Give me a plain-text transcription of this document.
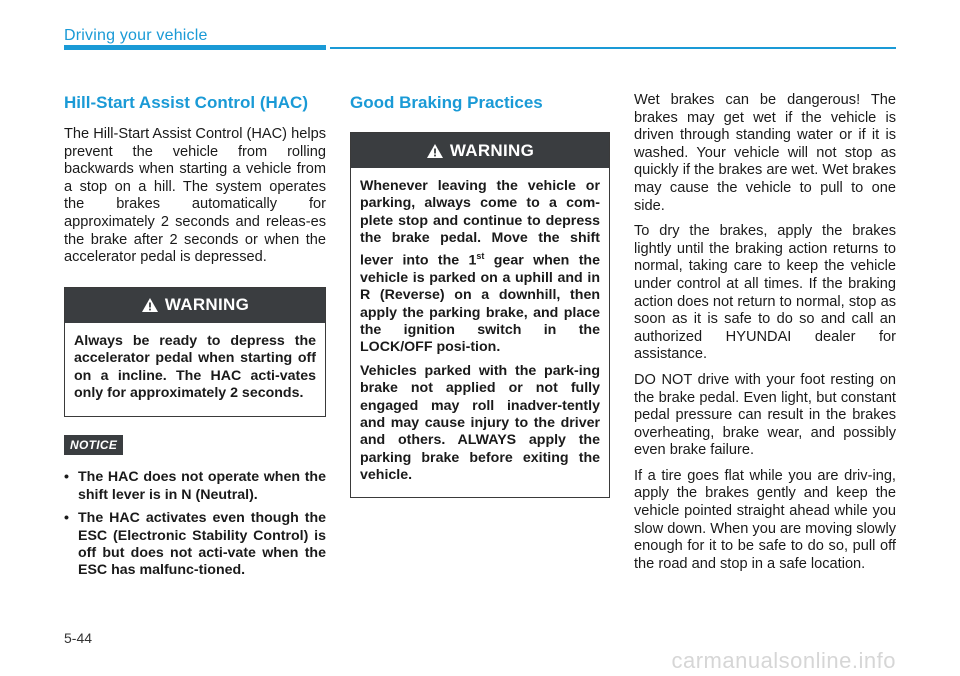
Driving your vehicle
Hill-Start Assist Control (HAC)

The Hill-Start Assist Control (HAC) helps prevent the vehicle from rolling backwards when starting a vehicle from a stop on a hill. The system operates the brakes automatically for approximately 2 seconds and releas-es the brake after 2 seconds or when the accelerator pedal is depressed.

WARNING

Always be ready to depress the accelerator pedal when starting off on a incline. The HAC acti-vates only for approximately 2 seconds.

NOTICE
• The HAC does not operate when the shift lever is in N (Neutral).
• The HAC activates even though the ESC (Electronic Stability Control) is off but does not acti-vate when the ESC has malfunc-tioned.
Good Braking Practices
WARNING

Whenever leaving the vehicle or parking, always come to a com-plete stop and continue to depress the brake pedal. Move the shift lever into the 1st gear when the vehicle is parked on a uphill and in R (Reverse) on a downhill, then apply the parking brake, and place the ignition switch in the LOCK/OFF posi-tion.

Vehicles parked with the park-ing brake not applied or not fully engaged may roll inadver-tently and may cause injury to the driver and others. ALWAYS apply the parking brake before exiting the vehicle.

Wet brakes can be dangerous! The brakes may get wet if the vehicle is driven through standing water or if it is washed. Your vehicle will not stop as quickly if the brakes are wet. Wet brakes may cause the vehicle to pull to one side.

To dry the brakes, apply the brakes lightly until the braking action returns to normal, taking care to keep the vehicle under control at all times. If the braking action does not return to normal, stop as soon as it is safe to do so and call an authorized HYUNDAI dealer for assistance.

DO NOT drive with your foot resting on the brake pedal. Even light, but constant pedal pressure can result in the brakes overheating, brake wear, and possibly even brake failure.

If a tire goes flat while you are driv-ing, apply the brakes gently and keep the vehicle pointed straight ahead while you slow down. When you are moving slowly enough for it to be safe to do so, pull off the road and stop in a safe location.

5-44
carmanualsonline.info
